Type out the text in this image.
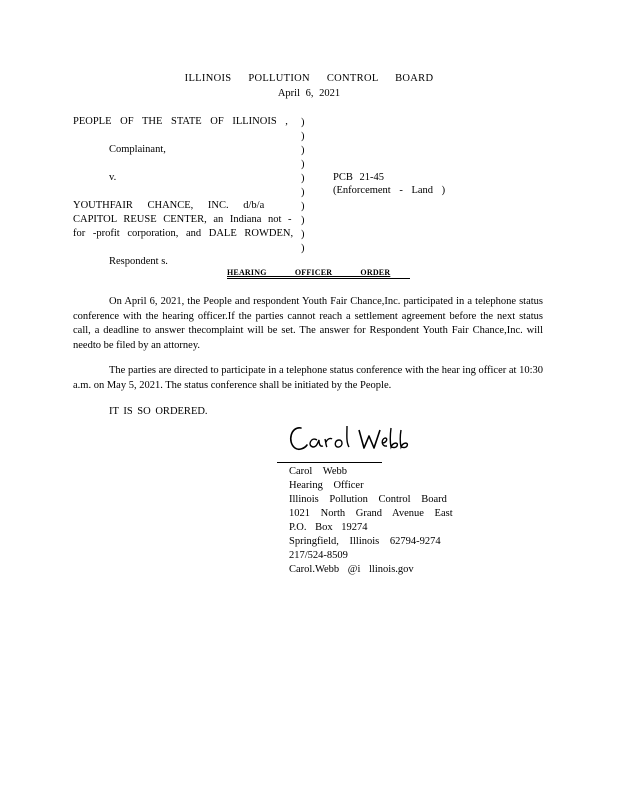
ILLINOIS POLLUTION CONTROL BOARD
April 6, 2021
PEOPLE OF THE STATE OF ILLINOIS ,
Complainant,
v.	PCB 21-45
(Enforcement - Land )
YOUTHFAIR CHANCE, INC. d/b/a
CAPITOL REUSE CENTER, an Indiana not -
for -profit corporation, and DALE ROWDEN,
Respondent s.
)
)
)
)
)
)
)
)
)
)
HEARING OFFICER ORDER
On April 6, 2021, the People and respondent Youth Fair Chance,Inc. participated in a telephone status conference with the hearing officer.If the parties cannot reach a settlement agreement before the next status call, a deadline to answer thecomplaint will be set. The answer for Respondent Youth Fair Chance,Inc. will needto be filed by an attorney.
The parties are directed to participate in a telephone status conference with the hear ing officer at 10:30 a.m. on May 5, 2021. The status conference shall be initiated by the People.
IT IS SO ORDERED.
Carol Webb
Hearing Officer
Illinois Pollution Control Board
1021 North Grand Avenue East
P.O. Box 19274
Springfield, Illinois 62794-9274
217/524-8509
Carol.Webb @i llinois.gov
